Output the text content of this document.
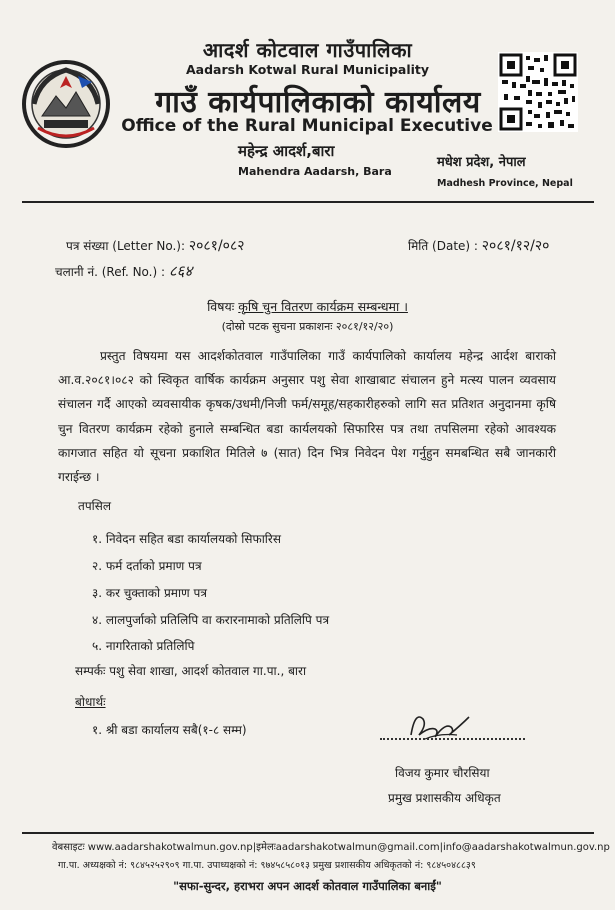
आदर्श कोटवाल गाउँपालिका
Aadarsh Kotwal Rural Municipality
गाउँ कार्यपालिकाको कार्यालय
Office of the Rural Municipal Executive
महेन्द्र आदर्श,बारा
Mahendra Aadarsh, Bara
मधेश प्रदेश, नेपाल
Madhesh Province, Nepal
पत्र संख्या (Letter No.): २०८१/०८२
चलानी नं. (Ref. No.) : ८६४
मिति (Date) : २०८१/१२/२०
विषयः कृषि चुन वितरण कार्यक्रम सम्बन्धमा ।
(दोस्रो पटक सुचना प्रकाशनः २०८१/१२/२०)
प्रस्तुत विषयमा यस आदर्शकोतवाल गाउँपालिका गाउँ कार्यपालिको कार्यालय महेन्द्र आर्दश बाराको आ.व.२०८१।०८२ को स्विकृत वार्षिक कार्यक्रम अनुसार पशु सेवा शाखाबाट संचालन हुने मत्स्य पालन व्यवसाय संचालन गर्दै आएको व्यवसायीक कृषक/उधमी/निजी फर्म/समूह/सहकारीहरुको लागि सत प्रतिशत अनुदानमा कृषि चुन वितरण कार्यक्रम रहेको हुनाले सम्बन्धित बडा कार्यलयको सिफारिस पत्र तथा तपसिलमा रहेको आवश्यक कागजात सहित यो सूचना प्रकाशित मितिले ७ (सात) दिन भित्र निवेदन पेश गर्नुहुन समबन्धित सबै जानकारी गराईन्छ ।
तपसिल
१. निवेदन सहित बडा कार्यालयको सिफारिस
२. फर्म दर्ताको प्रमाण पत्र
३. कर चुक्ताको प्रमाण पत्र
४. लालपुर्जाको प्रतिलिपि वा करारनामाको प्रतिलिपि पत्र
५. नागरिताको प्रतिलिपि
सम्पर्कः पशु सेवा शाखा, आदर्श कोतवाल गा.पा., बारा
बोधार्थः
१. श्री बडा कार्यालय सबै(१-८ सम्म)
विजय कुमार चौरसिया
प्रमुख प्रशासकीय अधिकृत
वेबसाइटः www.aadarshakotwalmun.gov.np|इमेलःaadarshakotwalmun@gmail.com|info@aadarshakotwalmun.gov.np
गा.पा. अध्यक्षको नं: ९८४५२५२९०९ गा.पा. उपाध्यक्षको नं: ९७४५८५८०१३ प्रमुख प्रशासकीय अधिकृतको नं: ९८४५०४८८३९
"सफा-सुन्दर, हराभरा अपन आदर्श कोतवाल गाउँपालिका बनाईं"
